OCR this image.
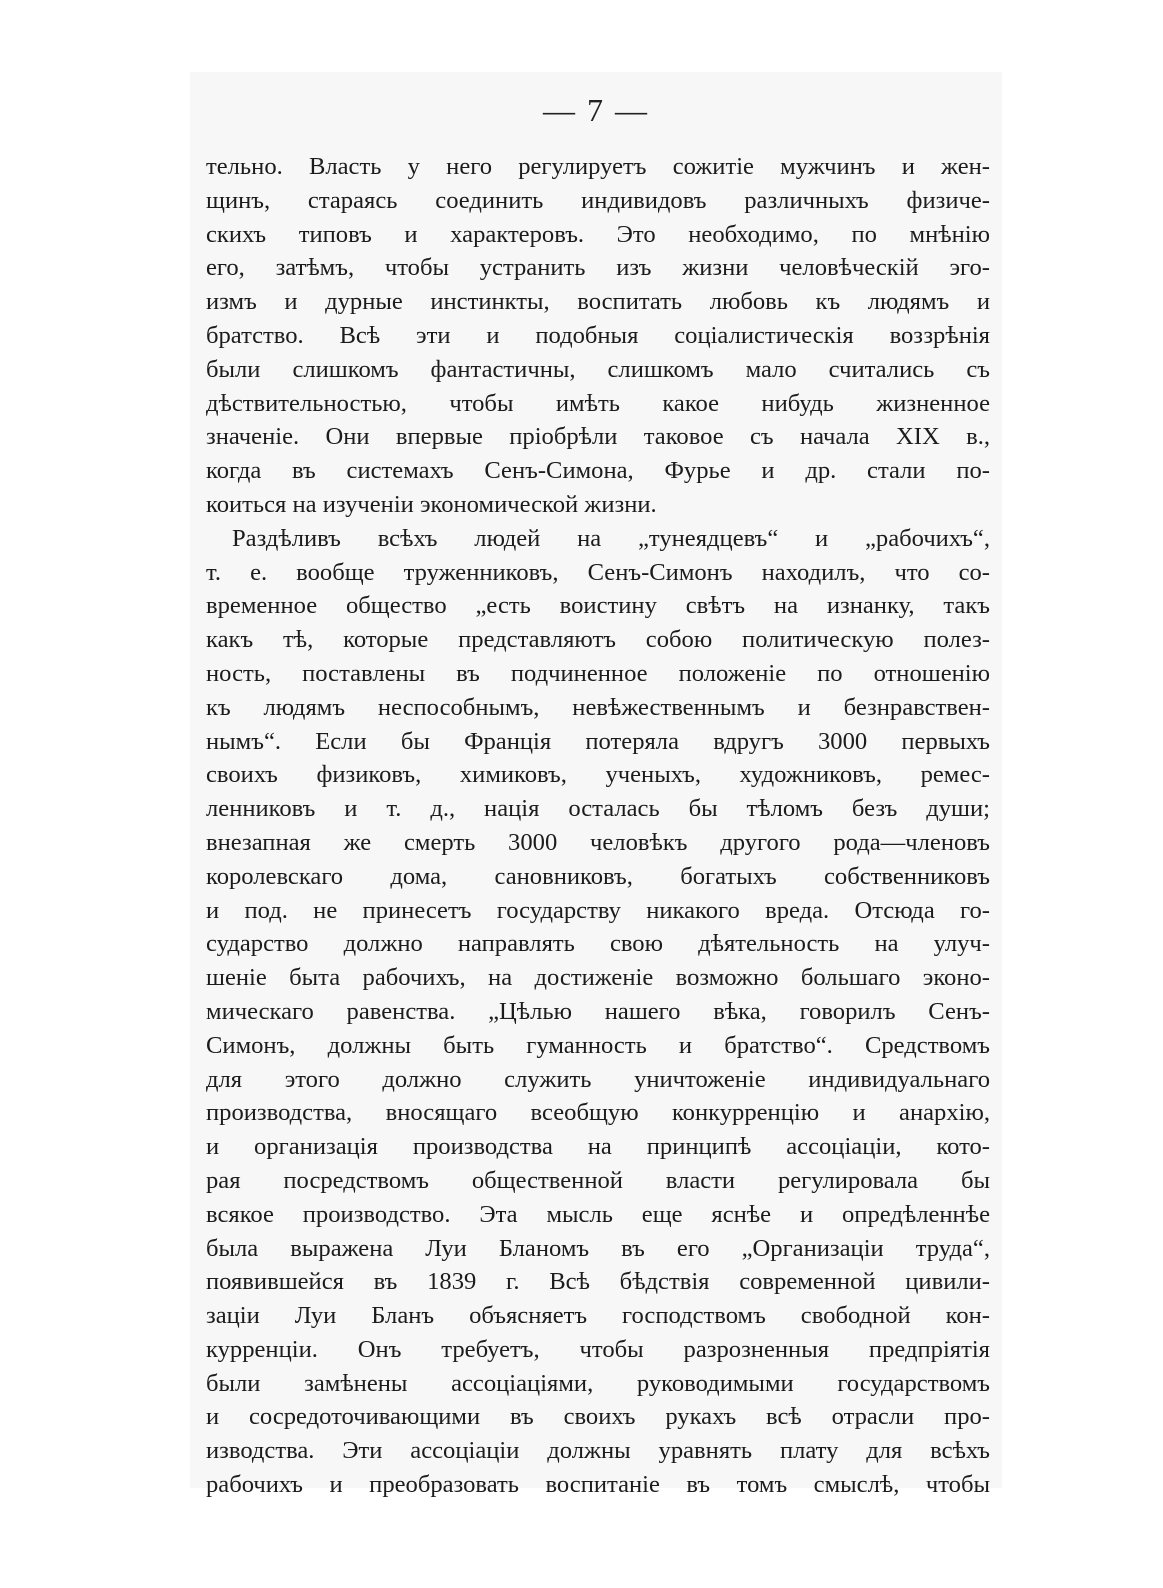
— 7 —
тельно. Власть у него регулируетъ сожитіе мужчинъ и жен-
щинъ, стараясь соединить индивидовъ различныхъ физиче-
скихъ типовъ и характеровъ. Это необходимо, по мнѣнію
его, затѣмъ, чтобы устранить изъ жизни человѣческій эго-
измъ и дурные инстинкты, воспитать любовь къ людямъ и
братство. Всѣ эти и подобныя соціалистическія воззрѣнія
были слишкомъ фантастичны, слишкомъ мало считались съ
дѣствительностью, чтобы имѣть какое нибудь жизненное
значеніе. Они впервые пріобрѣли таковое съ начала XIX в.,
когда въ системахъ Сенъ-Симона, Фурье и др. стали по-
коиться на изученіи экономической жизни.
Раздѣливъ всѣхъ людей на „тунеядцевъ“ и „рабочихъ“,
т. е. вообще труженниковъ, Сенъ-Симонъ находилъ, что со-
временное общество „есть воистину свѣтъ на изнанку, такъ
какъ тѣ, которые представляютъ собою политическую полез-
ность, поставлены въ подчиненное положеніе по отношенію
къ людямъ неспособнымъ, невѣжественнымъ и безнравствен-
нымъ“. Если бы Франція потеряла вдругъ 3000 первыхъ
своихъ физиковъ, химиковъ, ученыхъ, художниковъ, ремес-
ленниковъ и т. д., нація осталась бы тѣломъ безъ души;
внезапная же смерть 3000 человѣкъ другого рода—членовъ
королевскаго дома, сановниковъ, богатыхъ собственниковъ
и под. не принесетъ государству никакого вреда. Отсюда го-
сударство должно направлять свою дѣятельность на улуч-
шеніе быта рабочихъ, на достиженіе возможно большаго эконо-
мическаго равенства. „Цѣлью нашего вѣка, говорилъ Сенъ-
Симонъ, должны быть гуманность и братство“. Средствомъ
для этого должно служить уничтоженіе индивидуальнаго
производства, вносящаго всеобщую конкурренцію и анархію,
и организація производства на принципѣ ассоціаціи, кото-
рая посредствомъ общественной власти регулировала бы
всякое производство. Эта мысль еще яснѣе и опредѣленнѣе
была выражена Луи Бланомъ въ его „Организаціи труда“,
появившейся въ 1839 г. Всѣ бѣдствія современной цивили-
заціи Луи Бланъ объясняетъ господствомъ свободной кон-
курренціи. Онъ требуетъ, чтобы разрозненныя предпріятія
были замѣнены ассоціаціями, руководимыми государствомъ
и сосредоточивающими въ своихъ рукахъ всѣ отрасли про-
изводства. Эти ассоціаціи должны уравнять плату для всѣхъ
рабочихъ и преобразовать воспитаніе въ томъ смыслѣ, чтобы
